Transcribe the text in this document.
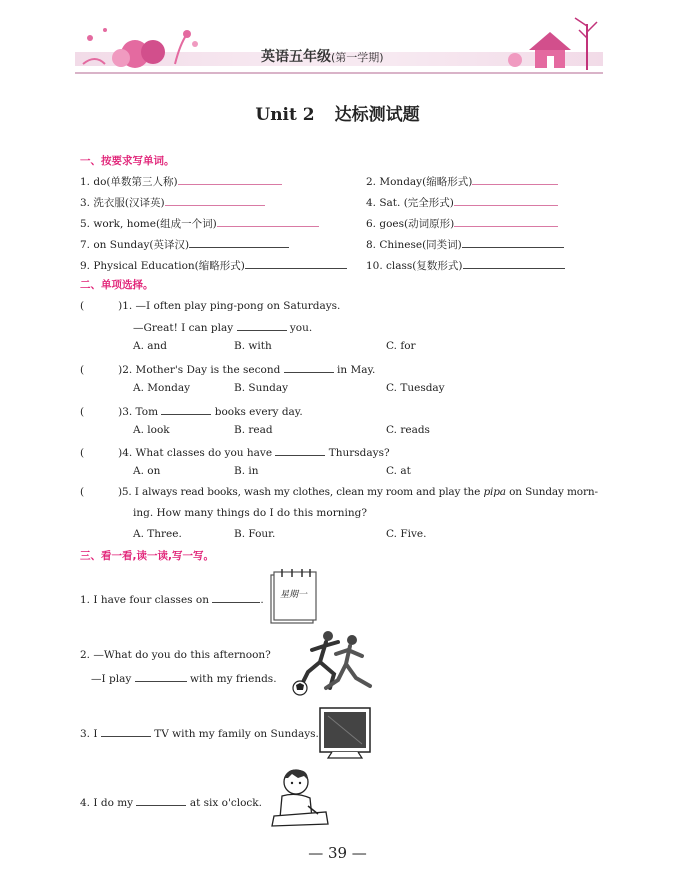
英语五年级(第一学期)
Unit 2 达标测试题
一、按要求写单词。
1. do(单数第三人称)	2. Monday(缩略形式)
3. 洗衣服(汉译英)	4. Sat. (完全形式)
5. work, home(组成一个词)	6. goes(动词原形)
7. on Sunday(英译汉)	8. Chinese(同类词)
9. Physical Education(缩略形式)	10. class(复数形式)
二、单项选择。
(	)1. —I often play ping-pong on Saturdays.
—Great! I can play	you.
A. and	B. with	C. for
(	)2. Mother's Day is the second	in May.
A. Monday	B. Sunday	C. Tuesday
(	)3. Tom	books every day.
A. look	B. read	C. reads
(	)4. What classes do you have	Thursdays?
A. on	B. in	C. at
(	)5. I always read books, wash my clothes, clean my room and play the pipa on Sunday morn-
ing. How many things do I do this morning?
A. Three.	B. Four.	C. Five.
三、看一看,读一读,写一写。
1. I have four classes on	. 星期一
2. —What do you do this afternoon?
—I play	with my friends.
3. I	TV with my family on Sundays.
4. I do my	at six o'clock.
— 39 —
